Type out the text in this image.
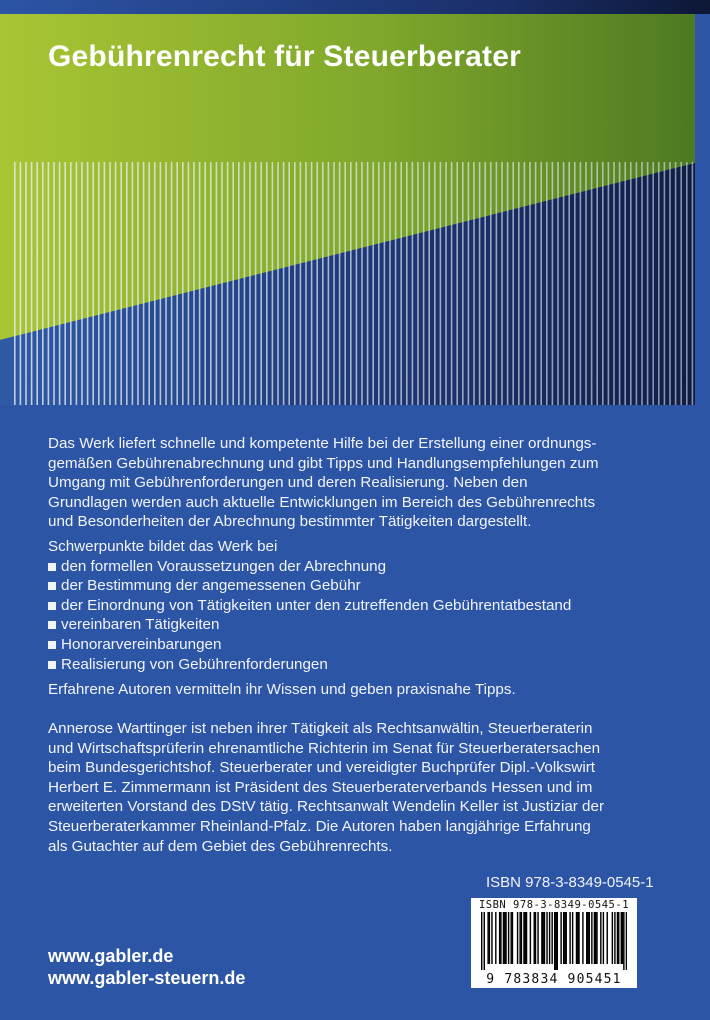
Gebührenrecht für Steuerberater

Das Werk liefert schnelle und kompetente Hilfe bei der Erstellung einer ordnungsgemäßen Gebührenabrechnung und gibt Tipps und Handlungsempfehlungen zum Umgang mit Gebührenforderungen und deren Realisierung. Neben den Grundlagen werden auch aktuelle Entwicklungen im Bereich des Gebührenrechts und Besonderheiten der Abrechnung bestimmter Tätigkeiten dargestellt.

Schwerpunkte bildet das Werk bei
den formellen Voraussetzungen der Abrechnung
der Bestimmung der angemessenen Gebühr
der Einordnung von Tätigkeiten unter den zutreffenden Gebührentatbestand
vereinbaren Tätigkeiten
Honorarvereinbarungen
Realisierung von Gebührenforderungen
Erfahrene Autoren vermitteln ihr Wissen und geben praxisnahe Tipps.

Annerose Warttinger ist neben ihrer Tätigkeit als Rechtsanwältin, Steuerberaterin und Wirtschaftsprüferin ehrenamtliche Richterin im Senat für Steuerberatersachen beim Bundesgerichtshof. Steuerberater und vereidigter Buchprüfer Dipl.-Volkswirt Herbert E. Zimmermann ist Präsident des Steuerberaterverbands Hessen und im erweiterten Vorstand des DStV tätig. Rechtsanwalt Wendelin Keller ist Justiziar der Steuerberaterkammer Rheinland-Pfalz. Die Autoren haben langjährige Erfahrung als Gutachter auf dem Gebiet des Gebührenrechts.

ISBN 978-3-8349-0545-1
ISBN 978-3-8349-0545-1
9 783834 905451
www.gabler.de
www.gabler-steuern.de
